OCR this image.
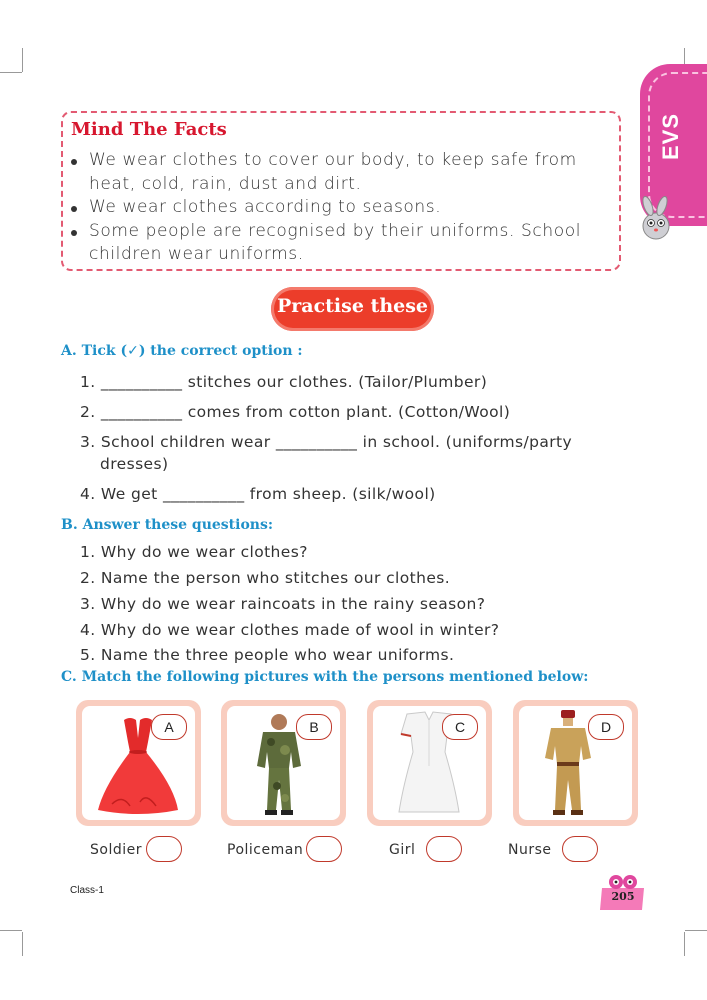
EVS
Mind The Facts
We wear clothes to cover our body, to keep safe from
heat, cold, rain, dust and dirt.
We wear clothes according to seasons.
Some people are recognised by their uniforms. School
children wear uniforms.
Practise these
A. Tick (✓) the correct option :
1. __________ stitches our clothes. (Tailor/Plumber)
2. __________ comes from cotton plant. (Cotton/Wool)
3. School children wear __________ in school. (uniforms/party
dresses)
4. We get __________ from sheep. (silk/wool)
B. Answer these questions:
1. Why do we wear clothes?
2. Name the person who stitches our clothes.
3. Why do we wear raincoats in the rainy season?
4. Why do we wear clothes made of wool in winter?
5. Name the three people who wear uniforms.
C. Match the following pictures with the persons mentioned below:
A	B	C	D
Soldier	Policeman	Girl	Nurse
Class-1	205
